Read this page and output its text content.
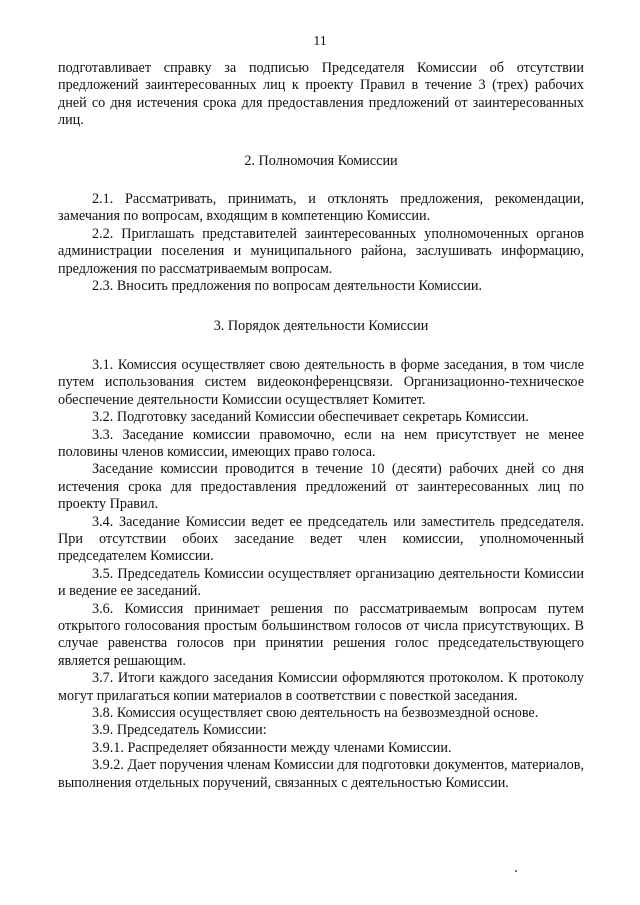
11

подготавливает справку за подписью Председателя Комиссии об отсутствии предложений заинтересованных лиц к проекту Правил в течение 3 (трех) рабочих дней со дня истечения срока для предоставления предложений от заинтересованных лиц.

2. Полномочия Комиссии

2.1. Рассматривать, принимать, и отклонять предложения, рекомендации, замечания по вопросам, входящим в компетенцию Комиссии.

2.2. Приглашать представителей заинтересованных уполномоченных органов администрации поселения и муниципального района, заслушивать информацию, предложения по рассматриваемым вопросам.

2.3. Вносить предложения по вопросам деятельности Комиссии.

3. Порядок деятельности Комиссии

3.1. Комиссия осуществляет свою деятельность в форме заседания, в том числе путем использования систем видеоконференцсвязи. Организационно-техническое обеспечение деятельности Комиссии осуществляет Комитет.

3.2. Подготовку заседаний Комиссии обеспечивает секретарь Комиссии.

3.3. Заседание комиссии правомочно, если на нем присутствует не менее половины членов комиссии, имеющих право голоса.

Заседание комиссии проводится в течение 10 (десяти) рабочих дней со дня истечения срока для предоставления предложений от заинтересованных лиц по проекту Правил.

3.4. Заседание Комиссии ведет ее председатель или заместитель председателя. При отсутствии обоих заседание ведет член комиссии, уполномоченный председателем Комиссии.

3.5. Председатель Комиссии осуществляет организацию деятельности Комиссии и ведение ее заседаний.

3.6. Комиссия принимает решения по рассматриваемым вопросам путем открытого голосования простым большинством голосов от числа присутствующих. В случае равенства голосов при принятии решения голос председательствующего является решающим.

3.7. Итоги каждого заседания Комиссии оформляются протоколом. К протоколу могут прилагаться копии материалов в соответствии с повесткой заседания.

3.8. Комиссия осуществляет свою деятельность на безвозмездной основе.

3.9. Председатель Комиссии:

3.9.1. Распределяет обязанности между членами Комиссии.

3.9.2. Дает поручения членам Комиссии для подготовки документов, материалов, выполнения отдельных поручений, связанных с деятельностью Комиссии.
